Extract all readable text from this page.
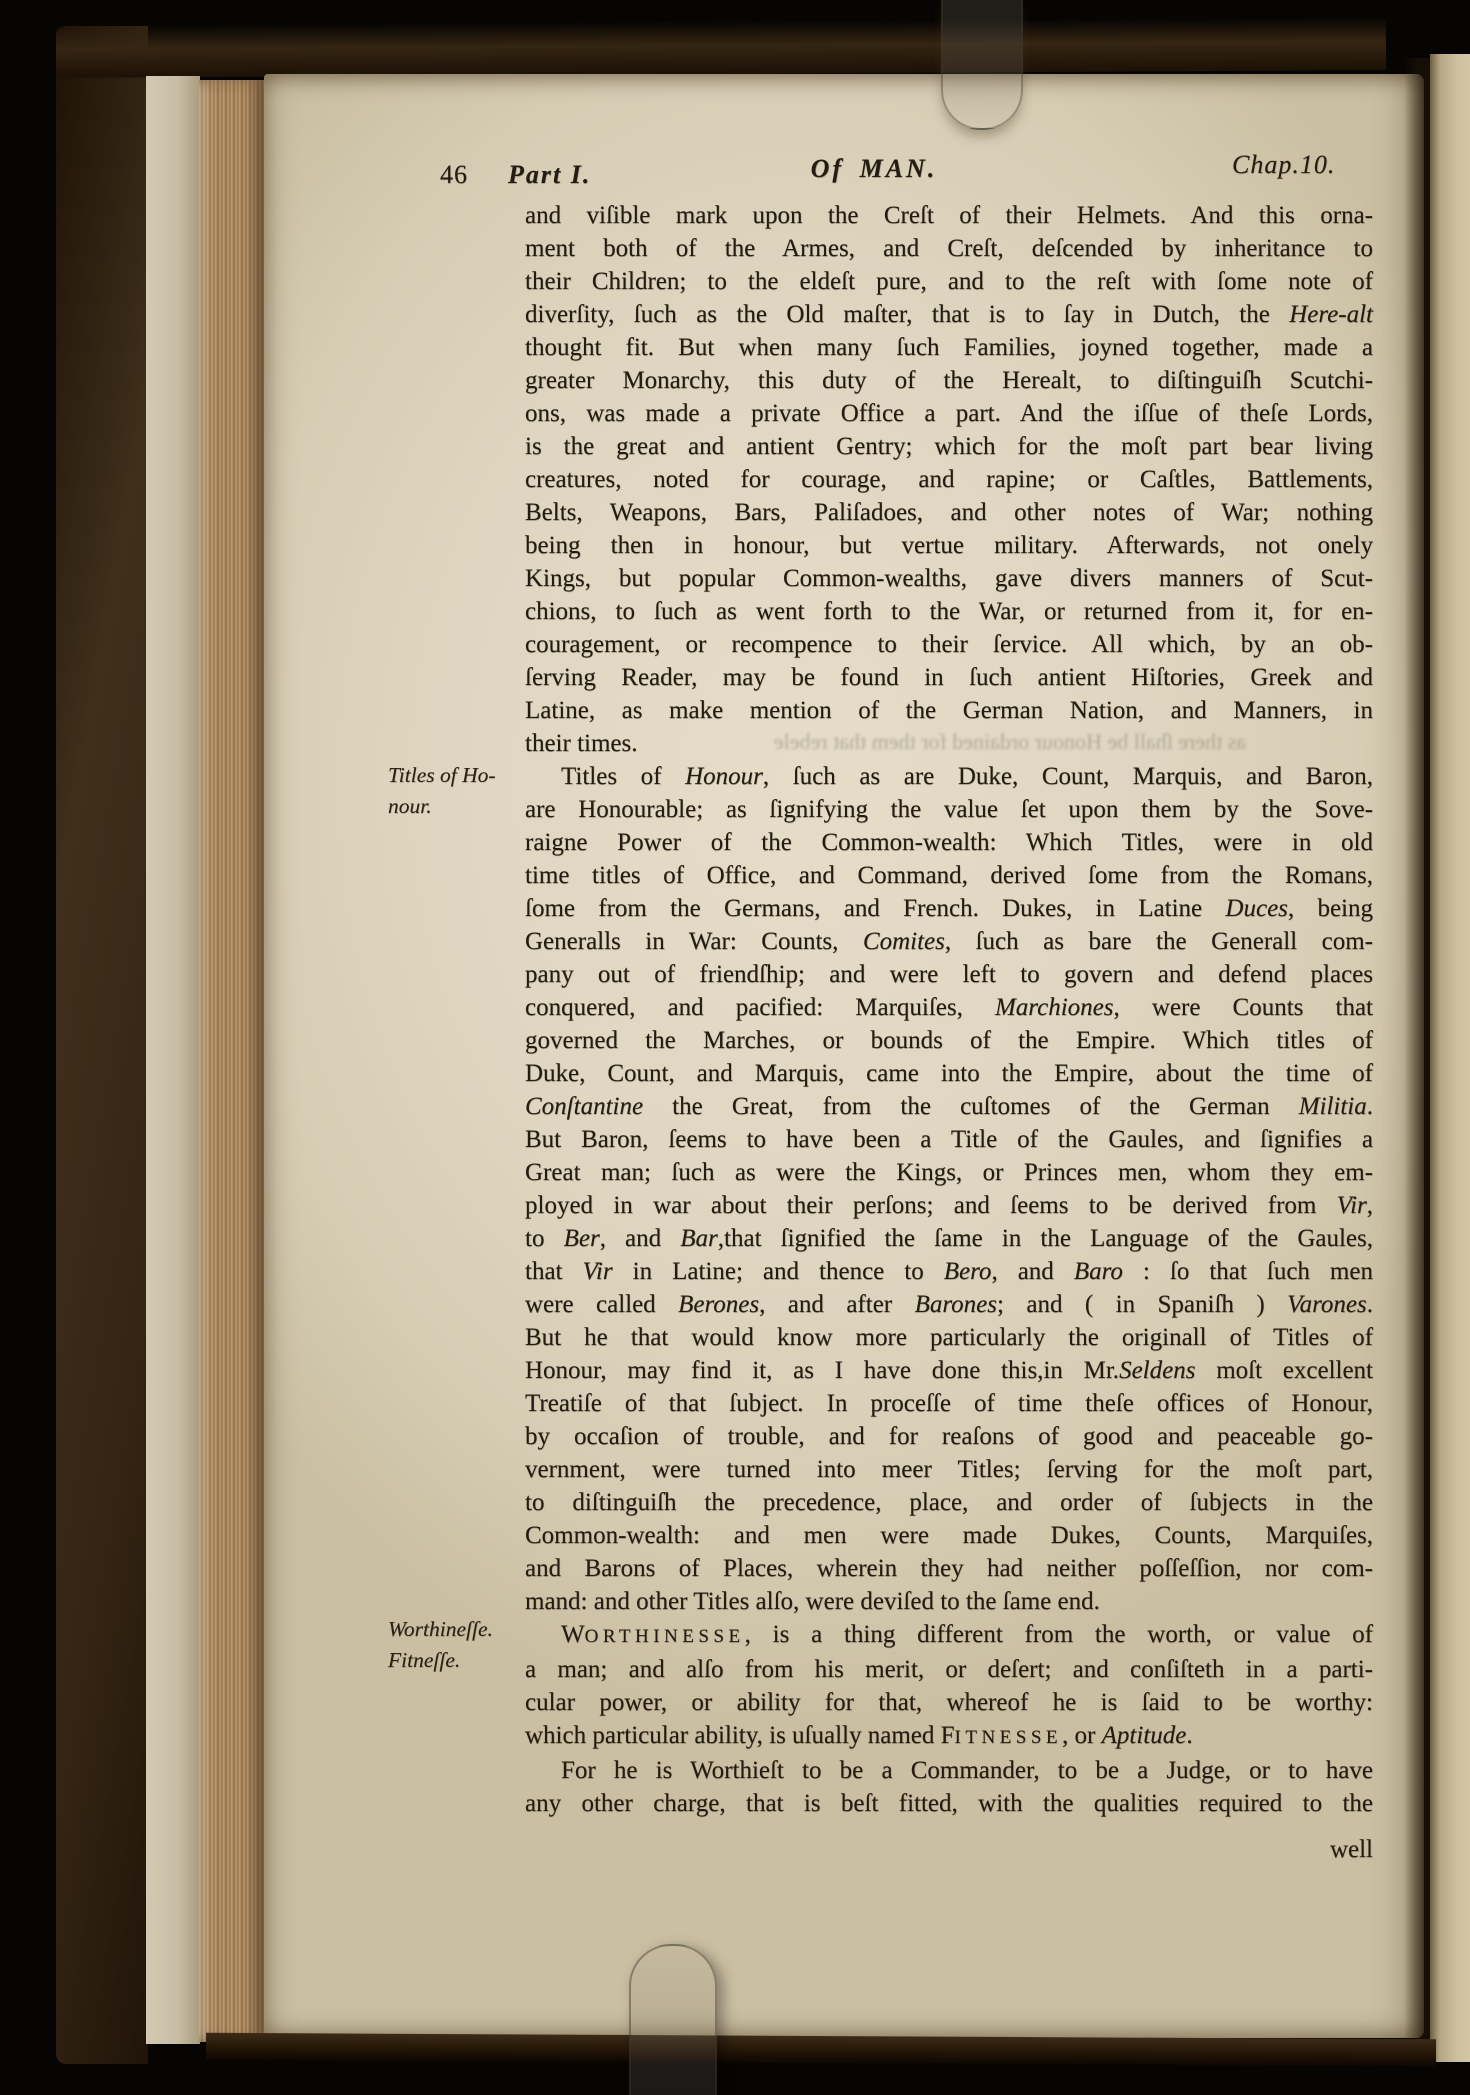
as there ſhall be Honour ordained for them that rebele
46 Part I.	Of MAN.	Chap.10.
Titles of Ho-
nour.
Worthineſſe.
Fitneſſe.
and viſible mark upon the Creſt of their Helmets. And this orna-
ment both of the Armes, and Creſt, deſcended by inheritance to
their Children; to the eldeſt pure, and to the reſt with ſome note of
diverſity, ſuch as the Old maſter, that is to ſay in Dutch, the Here-alt
thought fit. But when many ſuch Families, joyned together, made a
greater Monarchy, this duty of the Herealt, to diſtinguiſh Scutchi-
ons, was made a private Office a part. And the iſſue of theſe Lords,
is the great and antient Gentry; which for the moſt part bear living
creatures, noted for courage, and rapine; or Caſtles, Battlements,
Belts, Weapons, Bars, Paliſadoes, and other notes of War; nothing
being then in honour, but vertue military. Afterwards, not onely
Kings, but popular Common-wealths, gave divers manners of Scut-
chions, to ſuch as went forth to the War, or returned from it, for en-
couragement, or recompence to their ſervice. All which, by an ob-
ſerving Reader, may be found in ſuch antient Hiſtories, Greek and
Latine, as make mention of the German Nation, and Manners, in
their times.
Titles of Honour, ſuch as are Duke, Count, Marquis, and Baron,
are Honourable; as ſignifying the value ſet upon them by the Sove-
raigne Power of the Common-wealth: Which Titles, were in old
time titles of Office, and Command, derived ſome from the Romans,
ſome from the Germans, and French. Dukes, in Latine Duces, being
Generalls in War: Counts, Comites, ſuch as bare the Generall com-
pany out of friendſhip; and were left to govern and defend places
conquered, and pacified: Marquiſes, Marchiones, were Counts that
governed the Marches, or bounds of the Empire. Which titles of
Duke, Count, and Marquis, came into the Empire, about the time of
Conſtantine the Great, from the cuſtomes of the German Militia.
But Baron, ſeems to have been a Title of the Gaules, and ſignifies a
Great man; ſuch as were the Kings, or Princes men, whom they em-
ployed in war about their perſons; and ſeems to be derived from Vir,
to Ber, and Bar,that ſignified the ſame in the Language of the Gaules,
that Vir in Latine; and thence to Bero, and Baro : ſo that ſuch men
were called Berones, and after Barones; and ( in Spaniſh ) Varones.
But he that would know more particularly the originall of Titles of
Honour, may find it, as I have done this,in Mr.Seldens moſt excellent
Treatiſe of that ſubject. In proceſſe of time theſe offices of Honour,
by occaſion of trouble, and for reaſons of good and peaceable go-
vernment, were turned into meer Titles; ſerving for the moſt part,
to diſtinguiſh the precedence, place, and order of ſubjects in the
Common-wealth: and men were made Dukes, Counts, Marquiſes,
and Barons of Places, wherein they had neither poſſeſſion, nor com-
mand: and other Titles alſo, were deviſed to the ſame end.
WORTHINESSE, is a thing different from the worth, or value of
a man; and alſo from his merit, or deſert; and conſiſteth in a parti-
cular power, or ability for that, whereof he is ſaid to be worthy:
which particular ability, is uſually named FITNESSE, or Aptitude.
For he is Worthieſt to be a Commander, to be a Judge, or to have
any other charge, that is beſt fitted, with the qualities required to the
well
